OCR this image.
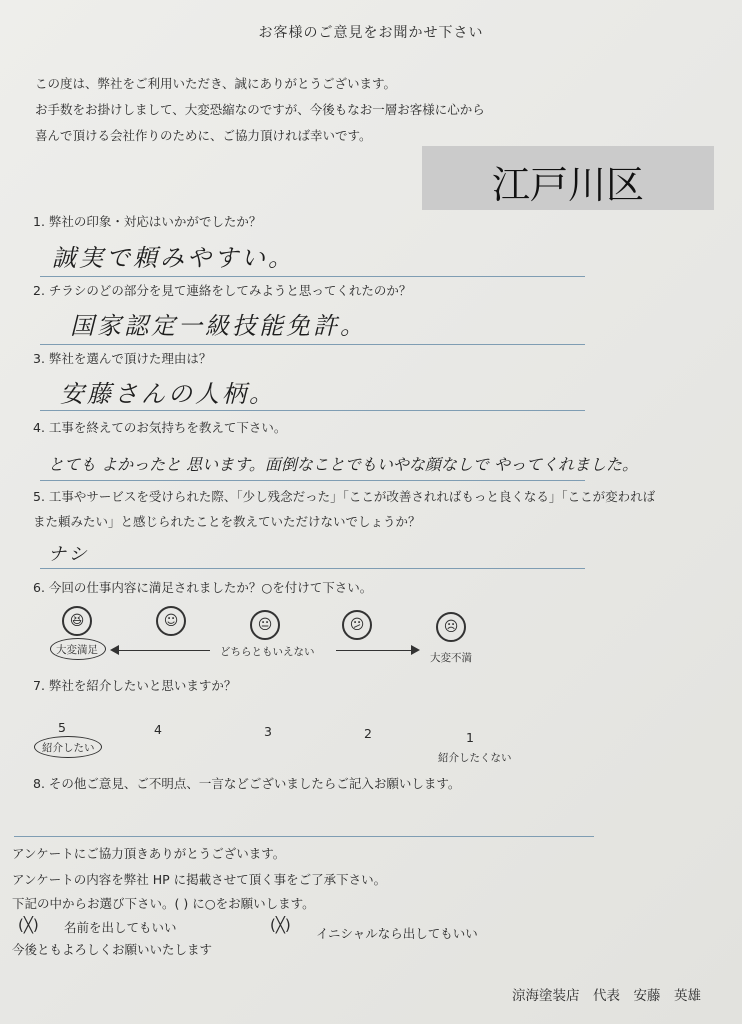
お客様のご意見をお聞かせ下さい
この度は、弊社をご利用いただき、誠にありがとうございます。
お手数をお掛けしまして、大変恐縮なのですが、今後もなお一層お客様に心から
喜んで頂ける会社作りのために、ご協力頂ければ幸いです。
江戸川区
1. 弊社の印象・対応はいかがでしたか？
誠実で頼みやすい。
2. チラシのどの部分を見て連絡をしてみようと思ってくれたのか？
国家認定一級技能免許。
3. 弊社を選んで頂けた理由は？
安藤さんの人柄。
4. 工事を終えてのお気持ちを教えて下さい。
とても よかったと 思います。面倒なことでもいやな顔なしで やってくれました。
5. 工事やサービスを受けられた際、「少し残念だった」「ここが改善されればもっと良くなる」「ここが変われば
また頼みたい」と感じられたことを教えていただけないでしょうか？
ナシ
6. 今回の仕事内容に満足されましたか？○を付けて下さい。
😆	☺	😐	😕	☹
大変満足	どちらともいえない	大変不満
7. 弊社を紹介したいと思いますか？
5	4	3	2	1
紹介したい
紹介したくない
8. その他ご意見、ご不明点、一言などございましたらご記入お願いします。
アンケートにご協力頂きありがとうございます。
アンケートの内容を弊社 HP に掲載させて頂く事をご了承下さい。
下記の中からお選び下さい。( ) に○をお願いします。
(╳) 名前を出してもいい	(╳) イニシャルなら出してもいい
今後ともよろしくお願いいたします
涼海塗装店　代表　安藤　英雄
